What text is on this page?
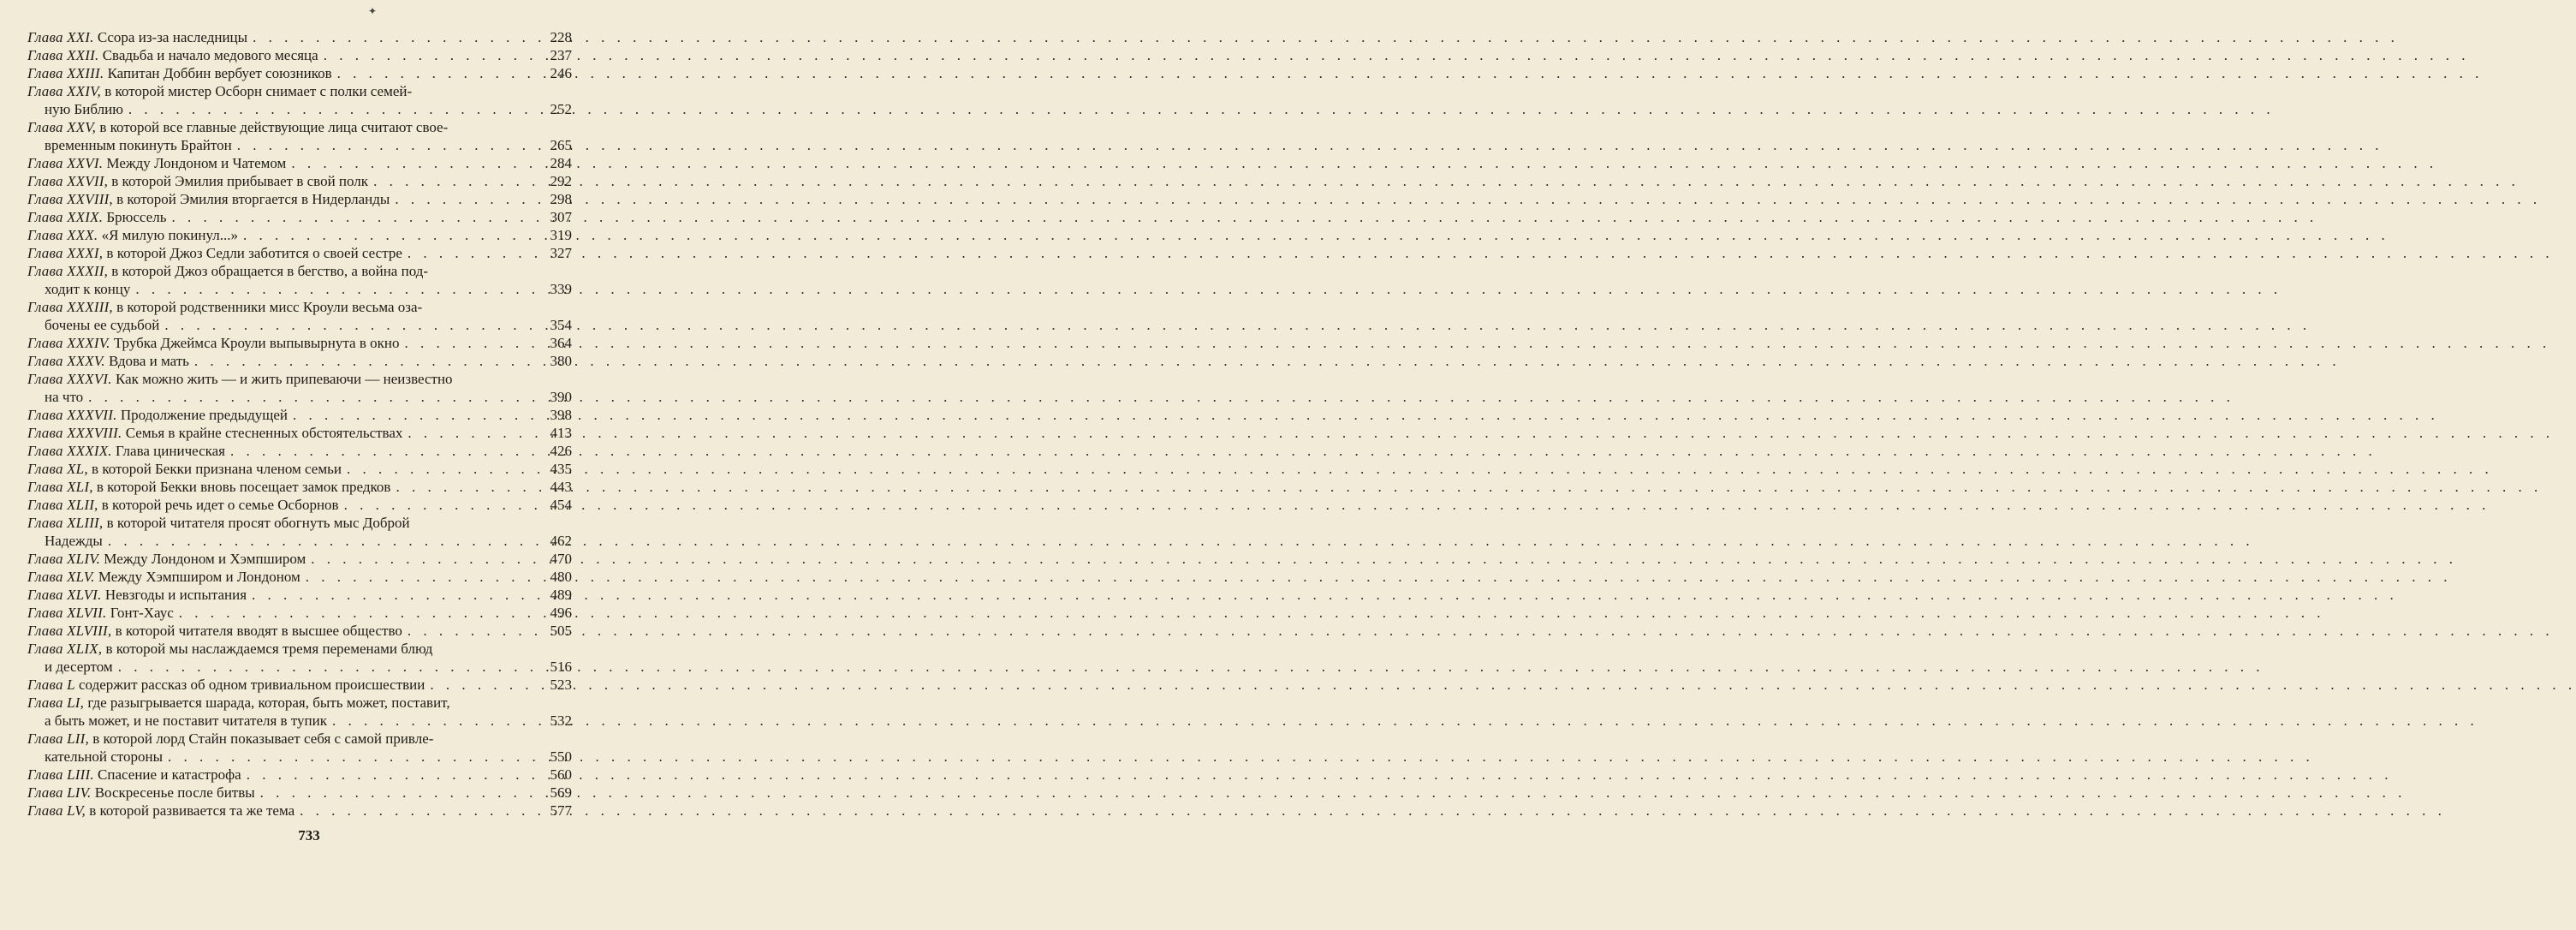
✦
Глава XXI. Ссора из-за наследницы . . .	228
Глава XXII. Свадьба и начало медового месяца . . .	237
Глава XXIII. Капитан Доббин вербует союзников . . .	246
Глава XXIV, в которой мистер Осборн снимает с полки семей-
ную Библию . . .	252
Глава XXV, в которой все главные действующие лица считают свое-
временным покинуть Брайтон . . .	265
Глава XXVI. Между Лондоном и Чатемом . . .	284
Глава XXVII, в которой Эмилия прибывает в свой полк . . .	292
Глава XXVIII, в которой Эмилия вторгается в Нидерланды . . .	298
Глава XXIX. Брюссель . . .	307
Глава XXX. «Я милую покинул...» . . .	319
Глава XXXI, в которой Джоз Седли заботится о своей сестре . . .	327
Глава XXXII, в которой Джоз обращается в бегство, а война под-
ходит к концу . . .	339
Глава XXXIII, в которой родственники мисс Кроули весьма оза-
бочены ее судьбой . . .	354
Глава XXXIV. Трубка Джеймса Кроули выпывырнута в окно . . .	364
Глава XXXV. Вдова и мать . . .	380
Глава XXXVI. Как можно жить — и жить припеваючи — неизвестно
на что . . .	390
Глава XXXVII. Продолжение предыдущей . . .	398
Глава XXXVIII. Семья в крайне стесненных обстоятельствах . . .	413
Глава XXXIX. Глава циническая . . .	426
Глава XL, в которой Бекки признана членом семьи . . .	435
Глава XLI, в которой Бекки вновь посещает замок предков . . .	443
Глава XLII, в которой речь идет о семье Осборнов . . .	454
Глава XLIII, в которой читателя просят обогнуть мыс Доброй
Надежды . . .	462
Глава XLIV. Между Лондоном и Хэмпширом . . .	470
Глава XLV. Между Хэмпширом и Лондоном . . .	480
Глава XLVI. Невзгоды и испытания . . .	489
Глава XLVII. Гонт-Хаус . . .	496
Глава XLVIII, в которой читателя вводят в высшее общество . . .	505
Глава XLIX, в которой мы наслаждаемся тремя переменами блюд
и десертом . . .	516
Глава L содержит рассказ об одном тривиальном происшествии . . .	523
Глава LI, где разыгрывается шарада, которая, быть может, поставит,
а быть может, и не поставит читателя в тупик . . .	532
Глава LII, в которой лорд Стайн показывает себя с самой привле-
кательной стороны . . .	550
Глава LIII. Спасение и катастрофа . . .	560
Глава LIV. Воскресенье после битвы . . .	569
Глава LV, в которой развивается та же тема . . .	577
733
